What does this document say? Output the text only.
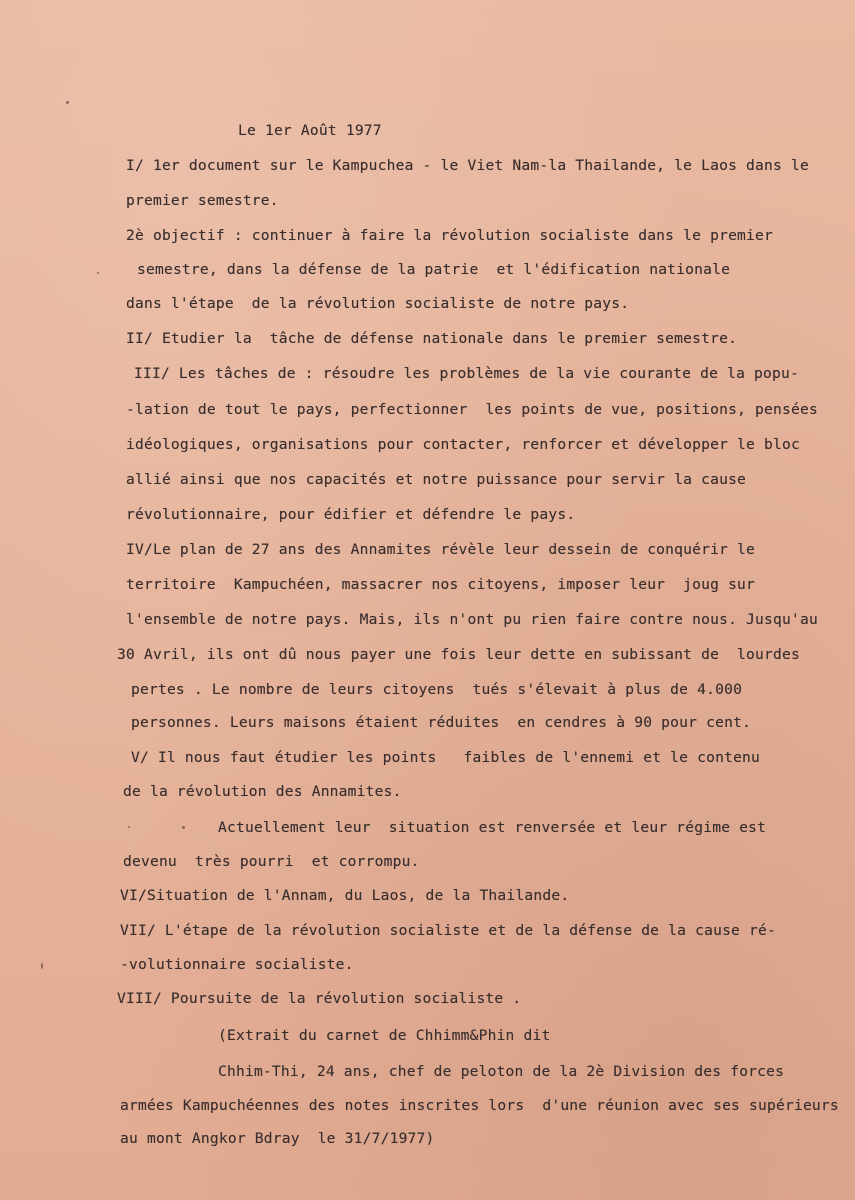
Le 1er Août 1977
I/ 1er document sur le Kampuchea - le Viet Nam-la Thailande, le Laos dans le
premier semestre.
2è objectif : continuer à faire la révolution socialiste dans le premier
semestre, dans la défense de la patrie  et l'édification nationale
dans l'étape  de la révolution socialiste de notre pays.
II/ Etudier la  tâche de défense nationale dans le premier semestre.
III/ Les tâches de : résoudre les problèmes de la vie courante de la popu-
-lation de tout le pays, perfectionner  les points de vue, positions, pensées
idéologiques, organisations pour contacter, renforcer et développer le bloc
allié ainsi que nos capacités et notre puissance pour servir la cause
révolutionnaire, pour édifier et défendre le pays.
IV/Le plan de 27 ans des Annamites révèle leur dessein de conquérir le
territoire  Kampuchéen, massacrer nos citoyens, imposer leur  joug sur
l'ensemble de notre pays. Mais, ils n'ont pu rien faire contre nous. Jusqu'au
30 Avril, ils ont dû nous payer une fois leur dette en subissant de  lourdes
pertes . Le nombre de leurs citoyens  tués s'élevait à plus de 4.000
personnes. Leurs maisons étaient réduites  en cendres à 90 pour cent.
V/ Il nous faut étudier les points   faibles de l'ennemi et le contenu
de la révolution des Annamites.
Actuellement leur  situation est renversée et leur régime est
devenu  très pourri  et corrompu.
VI/Situation de l'Annam, du Laos, de la Thailande.
VII/ L'étape de la révolution socialiste et de la défense de la cause ré-
-volutionnaire socialiste.
VIII/ Poursuite de la révolution socialiste .
(Extrait du carnet de Chhimm&Phin dit
Chhim-Thi, 24 ans, chef de peloton de la 2è Division des forces
armées Kampuchéennes des notes inscrites lors  d'une réunion avec ses supérieurs
au mont Angkor Bdray  le 31/7/1977)
